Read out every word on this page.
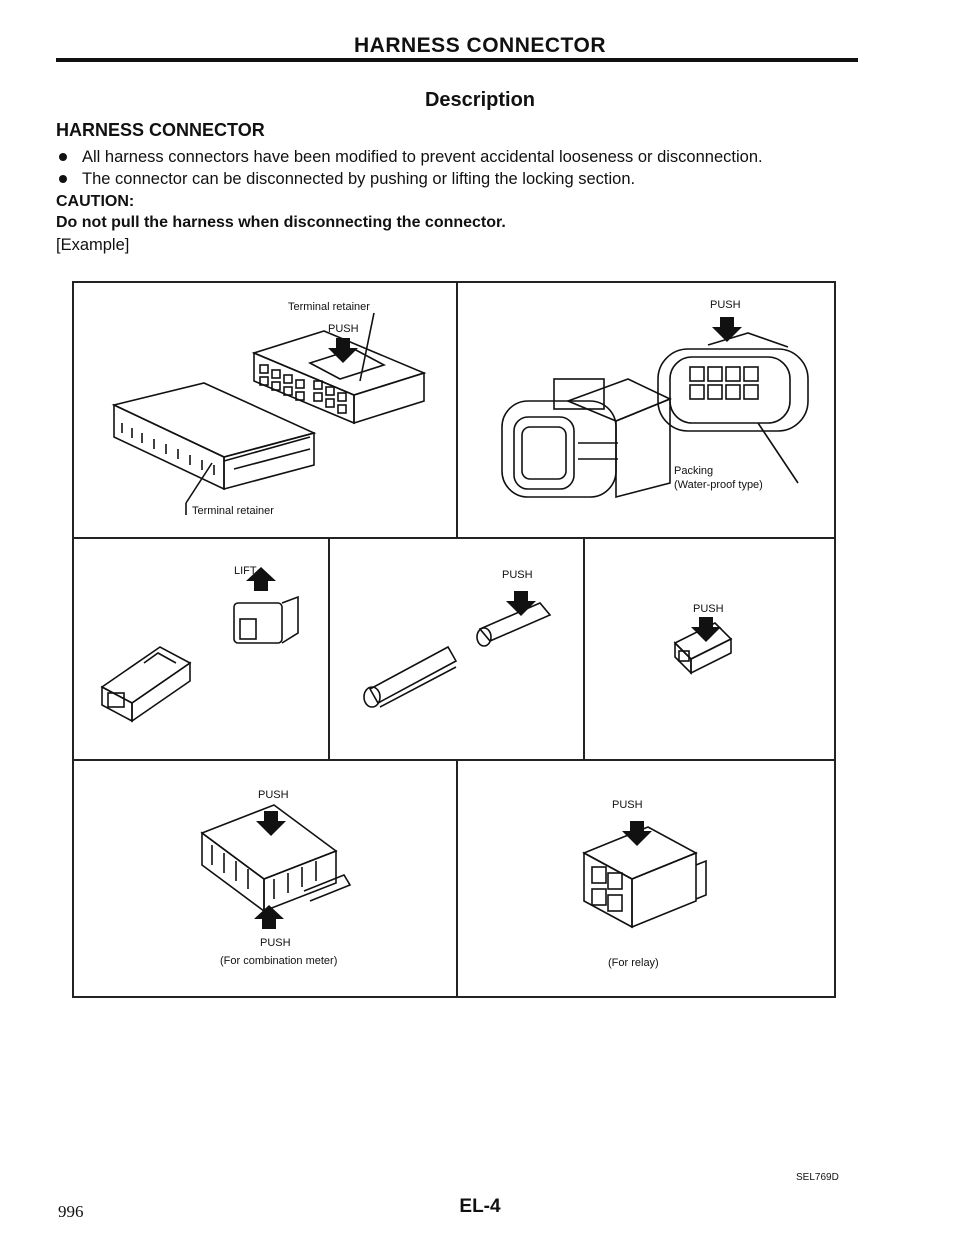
HARNESS CONNECTOR
Description
HARNESS CONNECTOR
All harness connectors have been modified to prevent accidental looseness or disconnection.
The connector can be disconnected by pushing or lifting the locking section.
CAUTION:
Do not pull the harness when disconnecting the connector.
[Example]
Terminal retainer
PUSH
Terminal retainer
PUSH
Packing
(Water-proof type)
LIFT	PUSH
PUSH
PUSH
PUSH
(For combination meter)
PUSH
(For relay)
SEL769D
996	EL-4
